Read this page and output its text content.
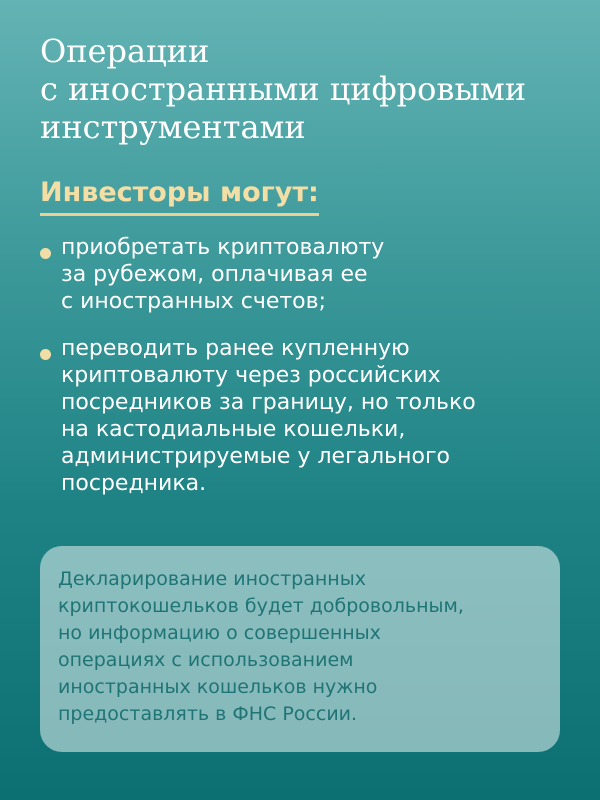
Операции
с иностранными цифровыми
инструментами
Инвесторы могут:
приобретать криптовалюту
за рубежом, оплачивая ее
с иностранных счетов;
переводить ранее купленную
криптовалюту через российских
посредников за границу, но только
на кастодиальные кошельки,
администрируемые у легального
посредника.
Декларирование иностранных
криптокошельков будет добровольным,
но информацию о совершенных
операциях с использованием
иностранных кошельков нужно
предоставлять в ФНС России.
